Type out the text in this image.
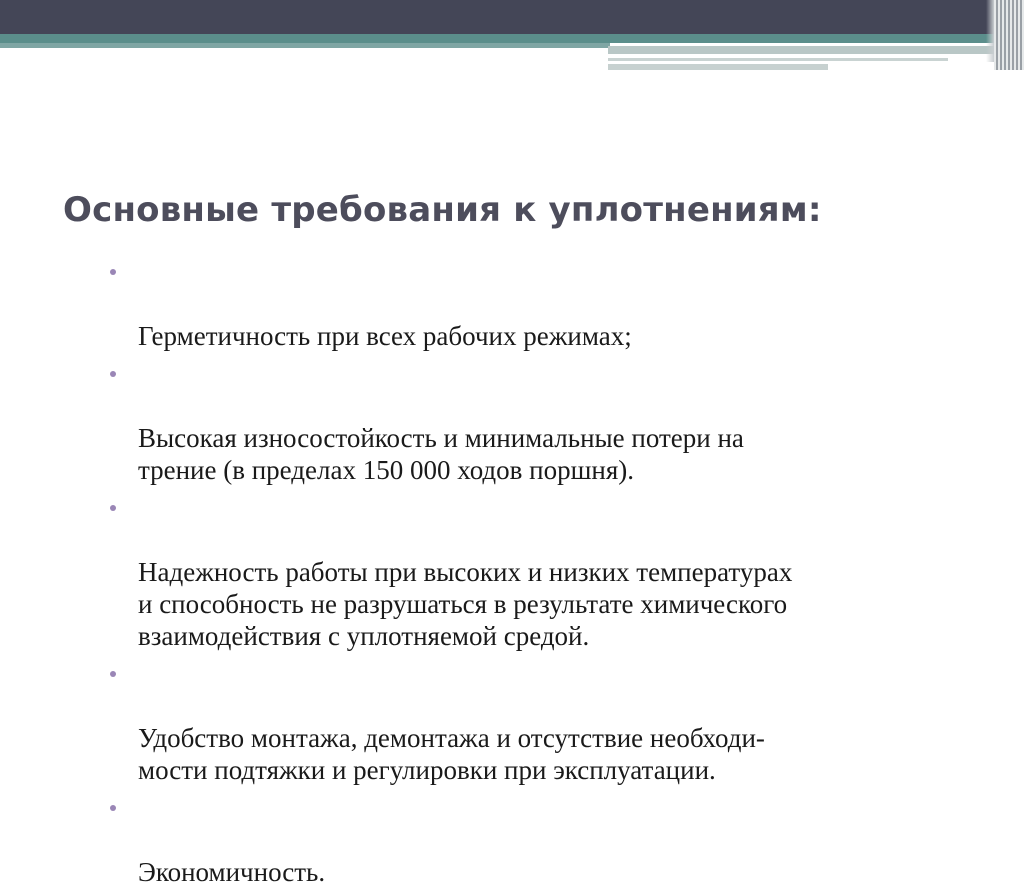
Основные требования к уплотнениям:

Герметичность при всех рабочих режимах;

Высокая износостойкость и минимальные потери на
трение (в пределах 150 000 ходов поршня).

Надежность работы при высоких и низких температурах
и способность не разрушаться в результате химического
взаимодействия с уплотняемой средой.

Удобство монтажа, демонтажа и отсутствие необходи-
мости подтяжки и регулировки при эксплуатации.

Экономичность.
